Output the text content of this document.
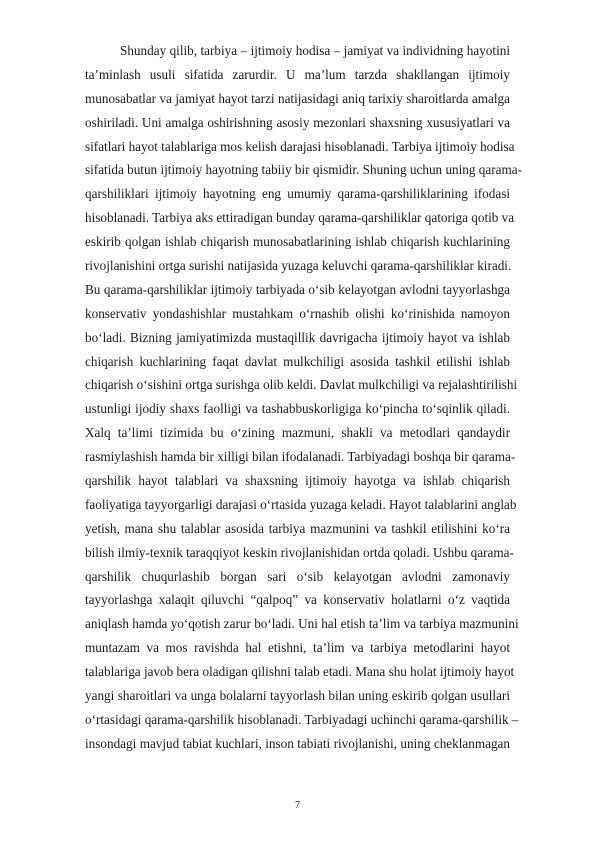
Shunday qilib, tarbiya – ijtimoiy hodisa – jamiyat va individning hayotini
ta’minlash usuli sifatida zarurdir. U ma’lum tarzda shakllangan ijtimoiy
munosabatlar va jamiyat hayot tarzi natijasidagi aniq tarixiy sharoitlarda amalga
oshiriladi. Uni amalga oshirishning asosiy mezonlari shaxsning xususiyatlari va
sifatlari hayot talablariga mos kelish darajasi hisoblanadi. Tarbiya ijtimoiy hodisa
sifatida butun ijtimoiy hayotning tabiiy bir qismidir. Shuning uchun uning qarama-
qarshiliklari ijtimoiy hayotning eng umumiy qarama-qarshiliklarining ifodasi
hisoblanadi. Tarbiya aks ettiradigan bunday qarama-qarshiliklar qatoriga qotib va
eskirib qolgan ishlab chiqarish munosabatlarining ishlab chiqarish kuchlarining
rivojlanishini ortga surishi natijasida yuzaga keluvchi qarama-qarshiliklar kiradi.
Bu qarama-qarshiliklar ijtimoiy tarbiyada o‘sib kelayotgan avlodni tayyorlashga
konservativ yondashishlar mustahkam o‘rnashib olishi ko‘rinishida namoyon
bo‘ladi. Bizning jamiyatimizda mustaqillik davrigacha ijtimoiy hayot va ishlab
chiqarish kuchlarining faqat davlat mulkchiligi asosida tashkil etilishi ishlab
chiqarish o‘sishini ortga surishga olib keldi. Davlat mulkchiligi va rejalashtirilishi
ustunligi ijodiy shaxs faolligi va tashabbuskorligiga ko‘pincha to‘sqinlik qiladi.
Xalq ta’limi tizimida bu o‘zining mazmuni, shakli va metodlari qandaydir
rasmiylashish hamda bir xilligi bilan ifodalanadi. Tarbiyadagi boshqa bir qarama-
qarshilik hayot talablari va shaxsning ijtimoiy hayotga va ishlab chiqarish
faoliyatiga tayyorgarligi darajasi o‘rtasida yuzaga keladi. Hayot talablarini anglab
yetish, mana shu talablar asosida tarbiya mazmunini va tashkil etilishini ko‘ra
bilish ilmiy-texnik taraqqiyot keskin rivojlanishidan ortda qoladi. Ushbu qarama-
qarshilik chuqurlashib borgan sari o‘sib kelayotgan avlodni zamonaviy
tayyorlashga xalaqit qiluvchi “qalpoq” va konservativ holatlarni o‘z vaqtida
aniqlash hamda yo‘qotish zarur bo‘ladi. Uni hal etish ta’lim va tarbiya mazmunini
muntazam va mos ravishda hal etishni, ta’lim va tarbiya metodlarini hayot
talablariga javob bera oladigan qilishni talab etadi. Mana shu holat ijtimoiy hayot
yangi sharoitlari va unga bolalarni tayyorlash bilan uning eskirib qolgan usullari
o‘rtasidagi qarama-qarshilik hisoblanadi. Tarbiyadagi uchinchi qarama-qarshilik –
insondagi mavjud tabiat kuchlari, inson tabiati rivojlanishi, uning cheklanmagan
7
